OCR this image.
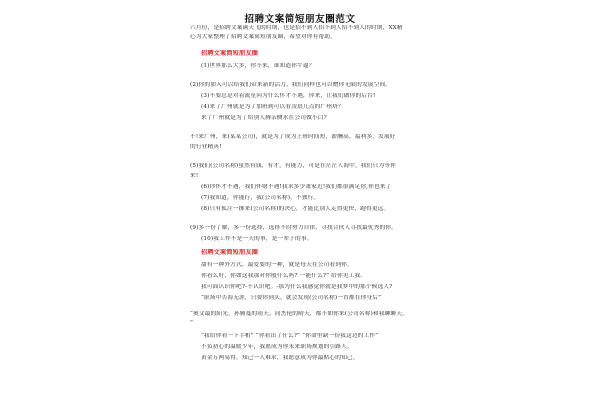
招聘文案简短朋友圈范文
六月份，是招聘文案满天飞的时期，也是招不到人招不到人招不到人的时期，XX精
心为大家整理了招聘文案简短朋友圈，希望对你有帮助。
招聘文案简短朋友圈
(1)世界那么大多，你不来，谁知道你牛逼？
(2)你的加入可以给我们带来新的活力，我们同样也可以赠你无限的发展空间。
(3)不要总是对着流星问为什么怀才不遇，你来，让我们做你的后台!
(4)来了广州就是为了加班到可以看凌晨几点的广州塔？
来了广州就是为了给别人腾亲侧水在公司做小白?
不!来广州，来(某某公司)，就是为了成为上班时间短，薪酬高，福利多，发展好
的行业精英!
(5)我们(公司名称)虽然有钱，有才，有能力，可是在茫茫人海中，我们只为等你
来!
(6)你怀才不遇，我们怀财不遇!我求多少萧家近!我们都很满足你,你也来了
(7)我知道，你能行，我(公司名称)，不独行。
(8)只有孤注一掷来(公司名称)的决心，才能比别人走得更快，跑得更远。
(9)多一份了解，多一份选择，选择不时努力自律，寻找合伙人寻找最优秀的你。
(10)我工作不是一天的事，是一辈子的事。
招聘文案简短朋友圈
甜有一种外方式，最爱要的一种，就是每天在公司看到你。
你看么好，你如这我那对你般什么吗? 一能什么?” 给你见工我。
我可面认识你吧?-不认识吧。-那为什么我感觉你就是我梦中的那个候选人?
“职场中否海无涯，只要你到头，就会发现(公司名称)一直都在你身后”
“奥文最的阳光，孙腾蔓的雨天，同杰伦的晴天，都不如你来(公司名称)和我聊聊天。
”
“我给你看一下手相” “你看出了什么?” “你命里缺一份我这边的工作”
不负初心的温暖少年，我愿成为你未来职场规划的引路人。
黄金万两易得，知己一人难求，我愿意成为你最贴心的知己。
